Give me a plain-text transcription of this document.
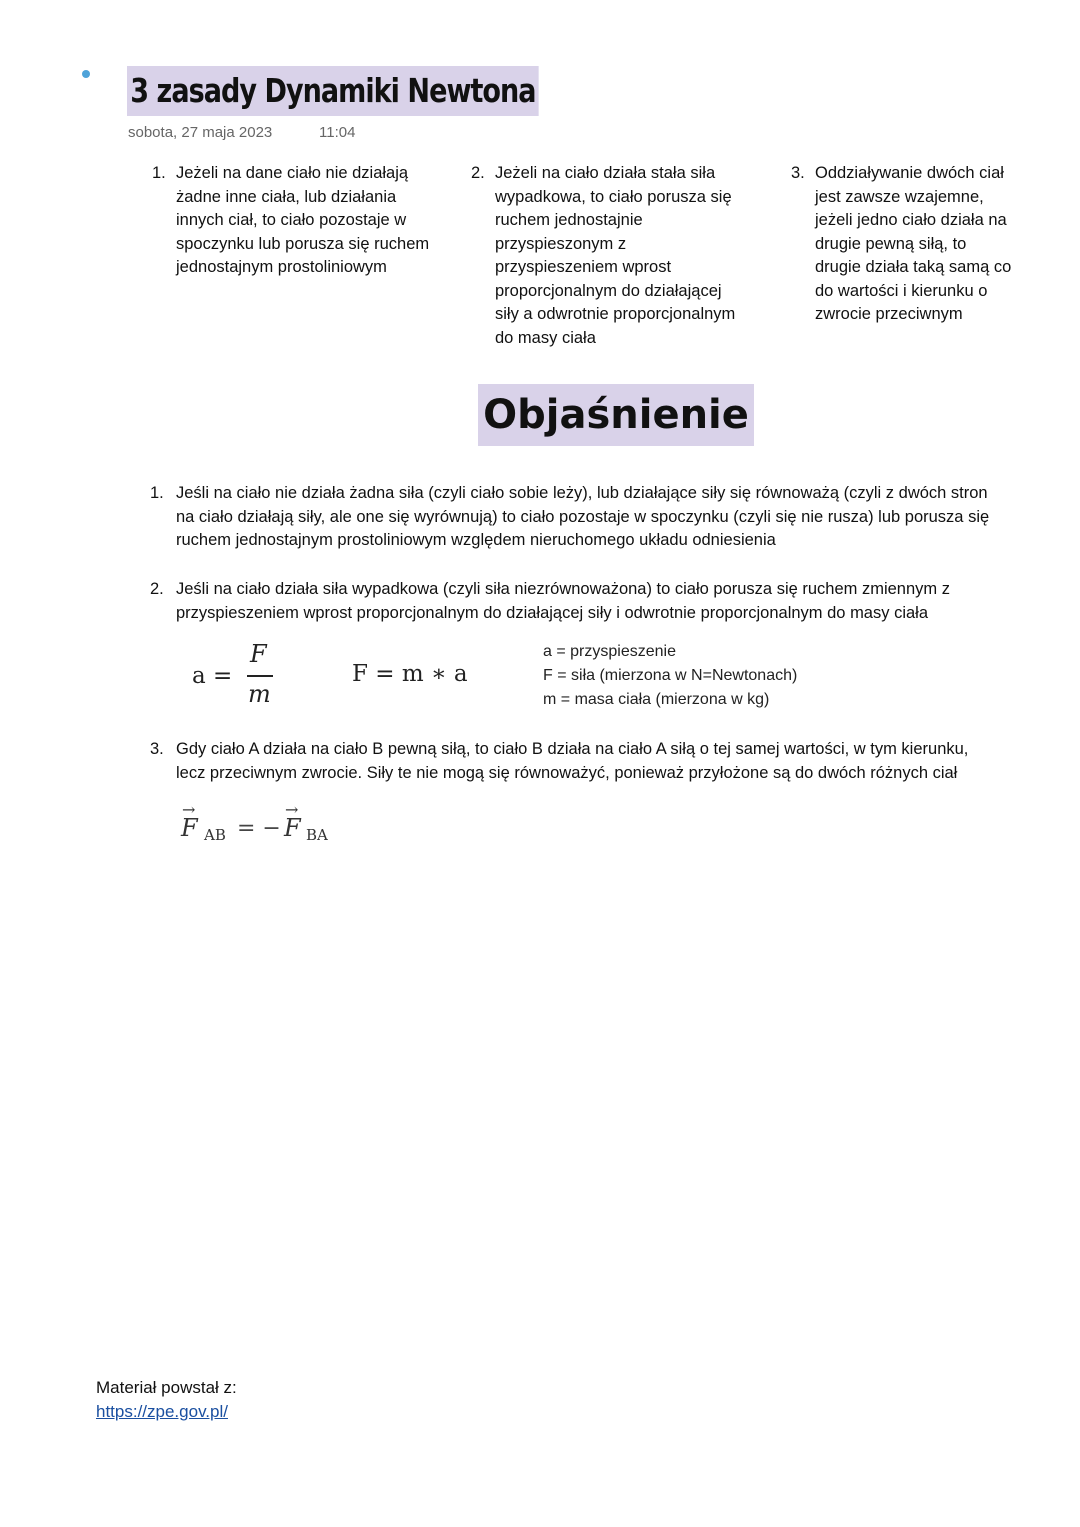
3 zasady Dynamiki Newtona
sobota, 27 maja 2023	11:04
1. Jeżeli na dane ciało nie działają
żadne inne ciała, lub działania
innych ciał, to ciało pozostaje w
spoczynku lub porusza się ruchem
jednostajnym prostoliniowym
2. Jeżeli na ciało działa stała siła
wypadkowa, to ciało porusza się
ruchem jednostajnie
przyspieszonym z
przyspieszeniem wprost
proporcjonalnym do działającej
siły a odwrotnie proporcjonalnym
do masy ciała
3. Oddziaływanie dwóch ciał
jest zawsze wzajemne,
jeżeli jedno ciało działa na
drugie pewną siłą, to
drugie działa taką samą co
do wartości i kierunku o
zwrocie przeciwnym
Objaśnienie
1. Jeśli na ciało nie działa żadna siła (czyli ciało sobie leży), lub działające siły się równoważą (czyli z dwóch stron
na ciało działają siły, ale one się wyrównują) to ciało pozostaje w spoczynku (czyli się nie rusza) lub porusza się
ruchem jednostajnym prostoliniowym względem nieruchomego układu odniesienia
2. Jeśli na ciało działa siła wypadkowa (czyli siła niezrównoważona) to ciało porusza się ruchem zmiennym z
przyspieszeniem wprost proporcjonalnym do działającej siły i odwrotnie proporcjonalnym do masy ciała
a =
F
m
F = m ∗ a
a = przyspieszenie
F = siła (mierzona w N=Newtonach)
m = masa ciała (mierzona w kg)
3. Gdy ciało A działa na ciało B pewną siłą, to ciało B działa na ciało A siłą o tej samej wartości, w tym kierunku,
lecz przeciwnym zwrocie. Siły te nie mogą się równoważyć, ponieważ przyłożone są do dwóch różnych ciał
→
F AB = −
→
F BA
Materiał powstał z:
https://zpe.gov.pl/
